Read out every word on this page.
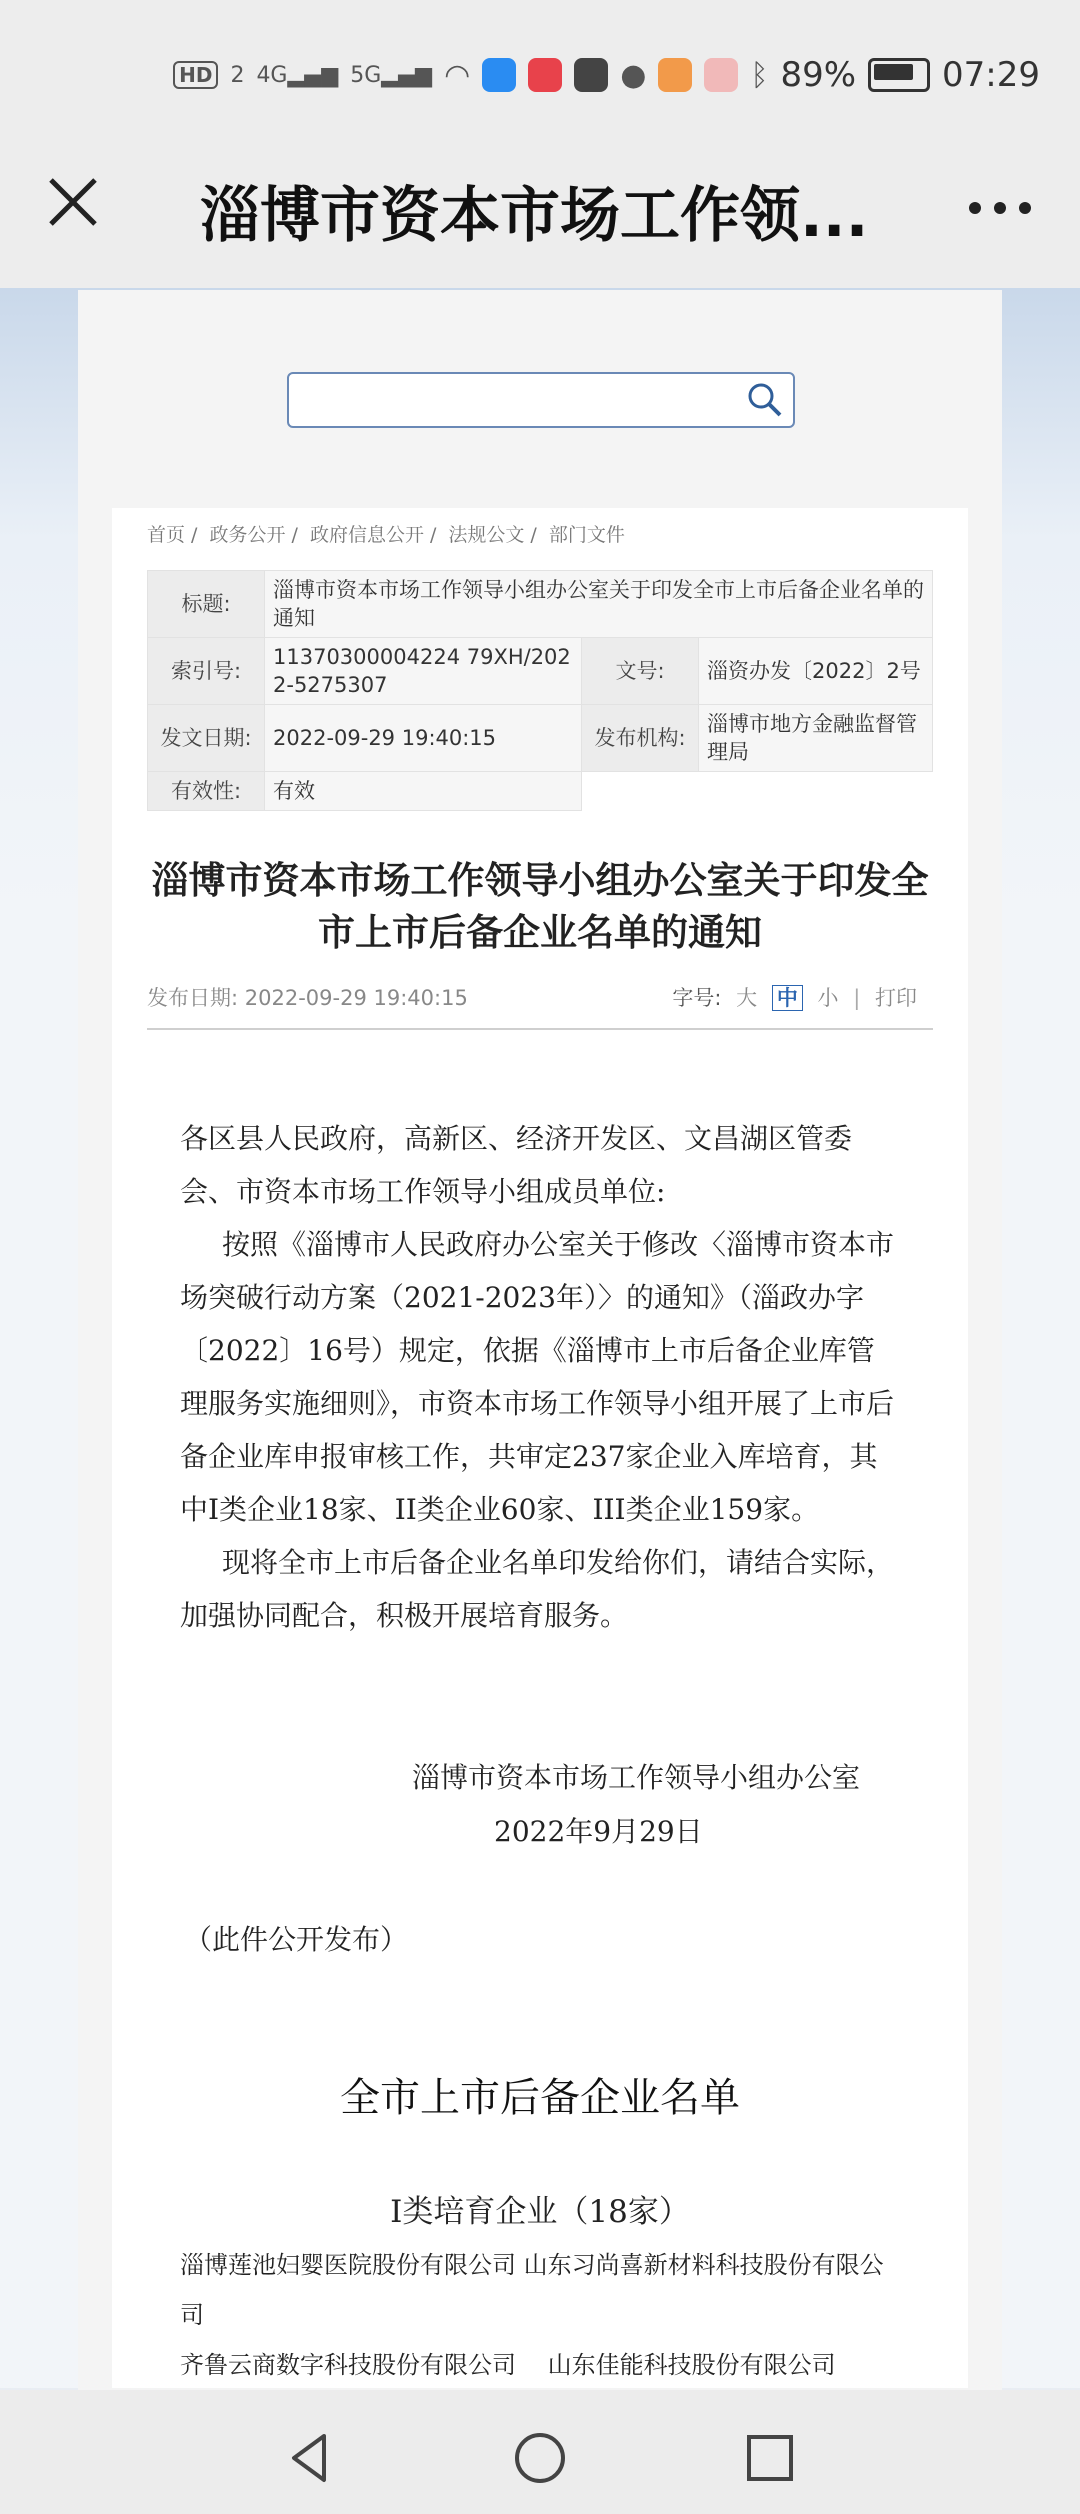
HD 2 4G▂▄▆ 5G▂▄▆ ◠	●	ᛒ 89%	07:29
淄博市资本市场工作领...
首页 / 政务公开 / 政府信息公开 / 法规公文 / 部门文件
标题:	淄博市资本市场工作领导小组办公室关于印发全市上市后备企业名单的通知		
索引号:	11370300004224 79XH/2022-5275307	文号:	淄资办发〔2022〕2号
发文日期:	2022-09-29 19:40:15	发布机构:	淄博市地方金融监督管理局
有效性:	有效		
淄博市资本市场工作领导小组办公室关于印发全市上市后备企业名单的通知
发布日期: 2022-09-29 19:40:15	字号: 大 中 小 | 打印

各区县人民政府，高新区、经济开发区、文昌湖区管委会、市资本市场工作领导小组成员单位:

按照《淄博市人民政府办公室关于修改〈淄博市资本市场突破行动方案（2021-2023年）〉的通知》（淄政办字〔2022〕16号）规定，依据《淄博市上市后备企业库管理服务实施细则》，市资本市场工作领导小组开展了上市后备企业库申报审核工作，共审定237家企业入库培育，其中I类企业18家、II类企业60家、III类企业159家。

现将全市上市后备企业名单印发给你们，请结合实际，加强协同配合，积极开展培育服务。

淄博市资本市场工作领导小组办公室
2022年9月29日
（此件公开发布）
全市上市后备企业名单
I类培育企业（18家）
淄博莲池妇婴医院股份有限公司 山东习尚喜新材料科技股份有限公司
齐鲁云商数字科技股份有限公司 山东佳能科技股份有限公司
